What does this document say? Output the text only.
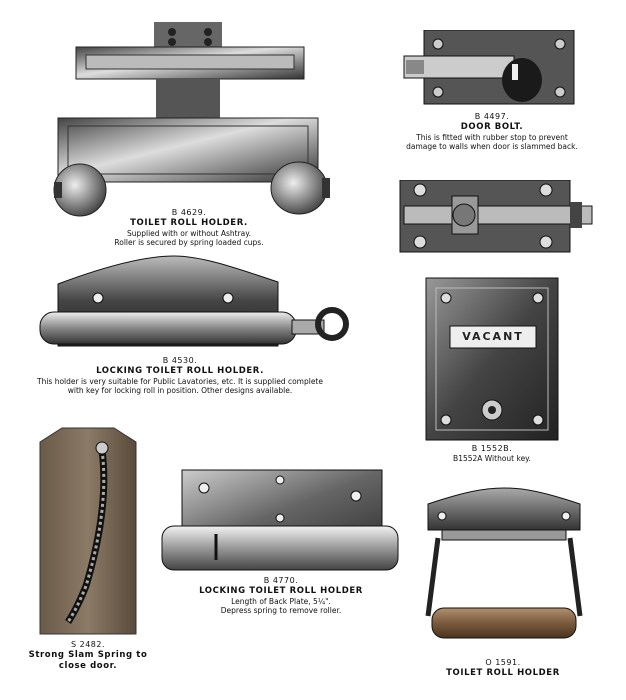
B 4629.
TOILET ROLL HOLDER.
Supplied with or without Ashtray.
Roller is secured by spring loaded cups.
B 4497.
DOOR BOLT.
This is fitted with rubber stop to prevent
damage to walls when door is slammed back.
B 4530.
LOCKING TOILET ROLL HOLDER.
This holder is very suitable for Public Lavatories, etc. It is supplied complete
with key for locking roll in position. Other designs available.
VACANT
B 1552B.
B1552A Without key.
S 2482.
Strong Slam Spring to
close door.
B 4770.
LOCKING TOILET ROLL HOLDER
Length of Back Plate, 5¼".
Depress spring to remove roller.
O 1591.
TOILET ROLL HOLDER
